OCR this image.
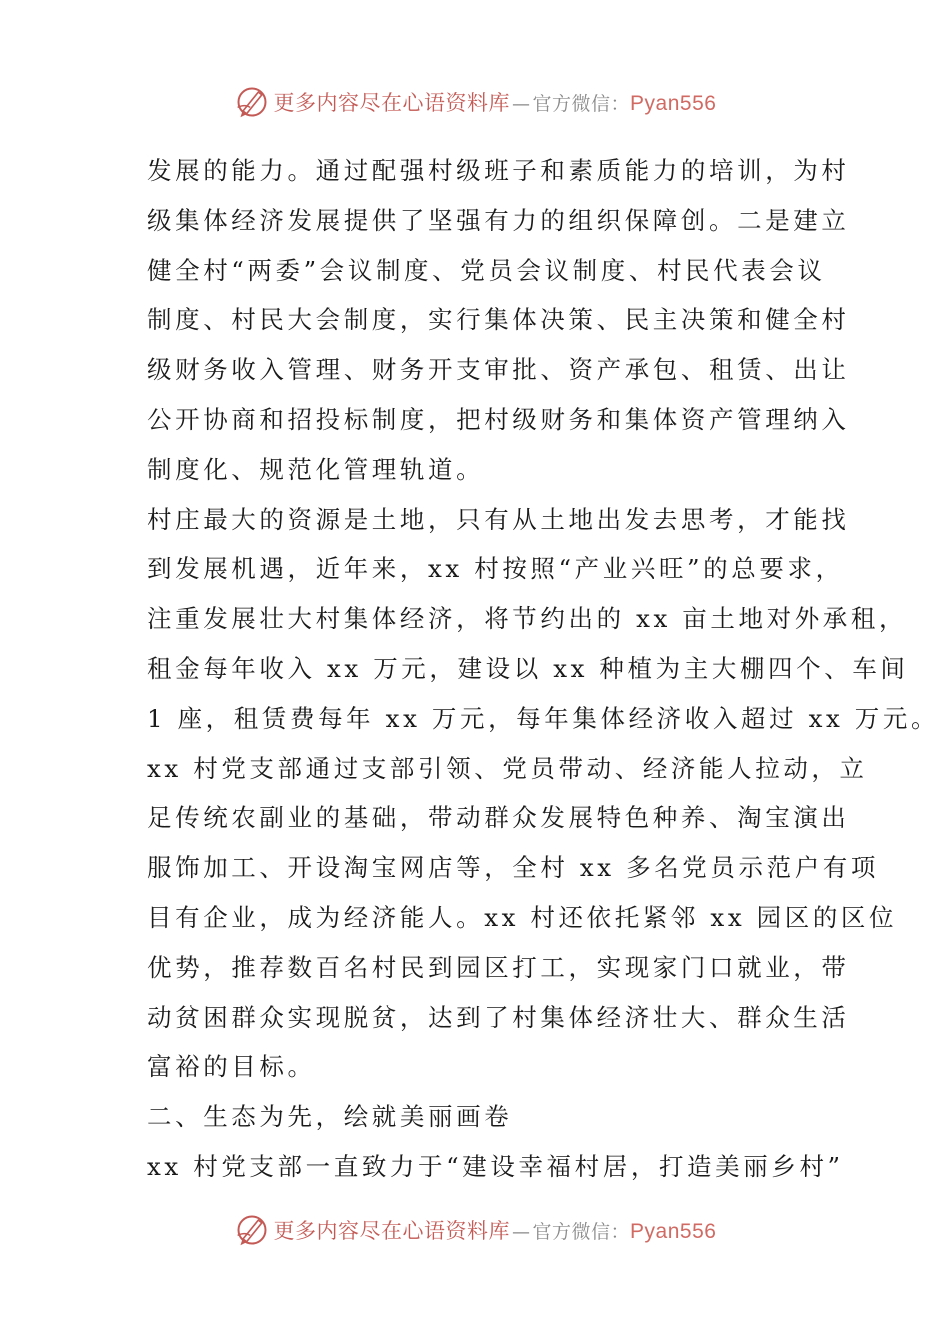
更多内容尽在心语资料库 — 官方微信： Pyan556
发展的能力。通过配强村级班子和素质能力的培训，为村
级集体经济发展提供了坚强有力的组织保障创。二是建立
健全村“两委”会议制度、党员会议制度、村民代表会议
制度、村民大会制度，实行集体决策、民主决策和健全村
级财务收入管理、财务开支审批、资产承包、租赁、出让
公开协商和招投标制度，把村级财务和集体资产管理纳入
制度化、规范化管理轨道。
村庄最大的资源是土地，只有从土地出发去思考，才能找
到发展机遇，近年来，xx 村按照“产业兴旺”的总要求，
注重发展壮大村集体经济，将节约出的 xx 亩土地对外承租，
租金每年收入 xx 万元，建设以 xx 种植为主大棚四个、车间
1 座，租赁费每年 xx 万元，每年集体经济收入超过 xx 万元。
xx 村党支部通过支部引领、党员带动、经济能人拉动，立
足传统农副业的基础，带动群众发展特色种养、淘宝演出
服饰加工、开设淘宝网店等，全村 xx 多名党员示范户有项
目有企业，成为经济能人。xx 村还依托紧邻 xx 园区的区位
优势，推荐数百名村民到园区打工，实现家门口就业，带
动贫困群众实现脱贫，达到了村集体经济壮大、群众生活
富裕的目标。
二、生态为先，绘就美丽画卷
xx 村党支部一直致力于“建设幸福村居，打造美丽乡村”
更多内容尽在心语资料库 — 官方微信： Pyan556
